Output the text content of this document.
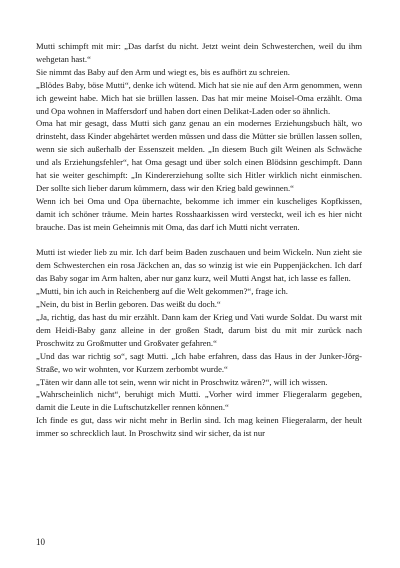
Mutti schimpft mit mir: „Das darfst du nicht. Jetzt weint dein Schwesterchen, weil du ihm wehgetan hast.“

Sie nimmt das Baby auf den Arm und wiegt es, bis es aufhört zu schreien.

„Blödes Baby, böse Mutti“, denke ich wütend. Mich hat sie nie auf den Arm genommen, wenn ich geweint habe. Mich hat sie brüllen lassen. Das hat mir meine Moisel-Oma erzählt. Oma und Opa wohnen in Maffersdorf und haben dort einen Delikat-Laden oder so ähnlich.

Oma hat mir gesagt, dass Mutti sich ganz genau an ein modernes Erziehungsbuch hält, wo drinsteht, dass Kinder abgehärtet werden müssen und dass die Mütter sie brüllen lassen sollen, wenn sie sich außerhalb der Essenszeit melden. „In diesem Buch gilt Weinen als Schwäche und als Erziehungsfehler“, hat Oma gesagt und über solch einen Blödsinn geschimpft. Dann hat sie weiter geschimpft: „In Kindererziehung sollte sich Hitler wirklich nicht einmischen. Der sollte sich lieber darum kümmern, dass wir den Krieg bald gewinnen.“

Wenn ich bei Oma und Opa übernachte, bekomme ich immer ein kuscheliges Kopfkissen, damit ich schöner träume. Mein hartes Rosshaarkissen wird versteckt, weil ich es hier nicht brauche. Das ist mein Geheimnis mit Oma, das darf ich Mutti nicht verraten.

Mutti ist wieder lieb zu mir. Ich darf beim Baden zuschauen und beim Wickeln. Nun zieht sie dem Schwesterchen ein rosa Jäckchen an, das so winzig ist wie ein Puppenjäckchen. Ich darf das Baby sogar im Arm halten, aber nur ganz kurz, weil Mutti Angst hat, ich lasse es fallen.

„Mutti, bin ich auch in Reichenberg auf die Welt gekommen?“, frage ich.

„Nein, du bist in Berlin geboren. Das weißt du doch.“

„Ja, richtig, das hast du mir erzählt. Dann kam der Krieg und Vati wurde Soldat. Du warst mit dem Heidi-Baby ganz alleine in der großen Stadt, darum bist du mit mir zurück nach Proschwitz zu Großmutter und Großvater gefahren.“

„Und das war richtig so“, sagt Mutti. „Ich habe erfahren, dass das Haus in der Junker-Jörg-Straße, wo wir wohnten, vor Kurzem zerbombt wurde.“

„Täten wir dann alle tot sein, wenn wir nicht in Proschwitz wären?“, will ich wissen.

„Wahrscheinlich nicht“, beruhigt mich Mutti. „Vorher wird immer Fliegeralarm gegeben, damit die Leute in die Luftschutzkeller rennen können.“

Ich finde es gut, dass wir nicht mehr in Berlin sind. Ich mag keinen Fliegeralarm, der heult immer so schrecklich laut. In Proschwitz sind wir sicher, da ist nur

10
